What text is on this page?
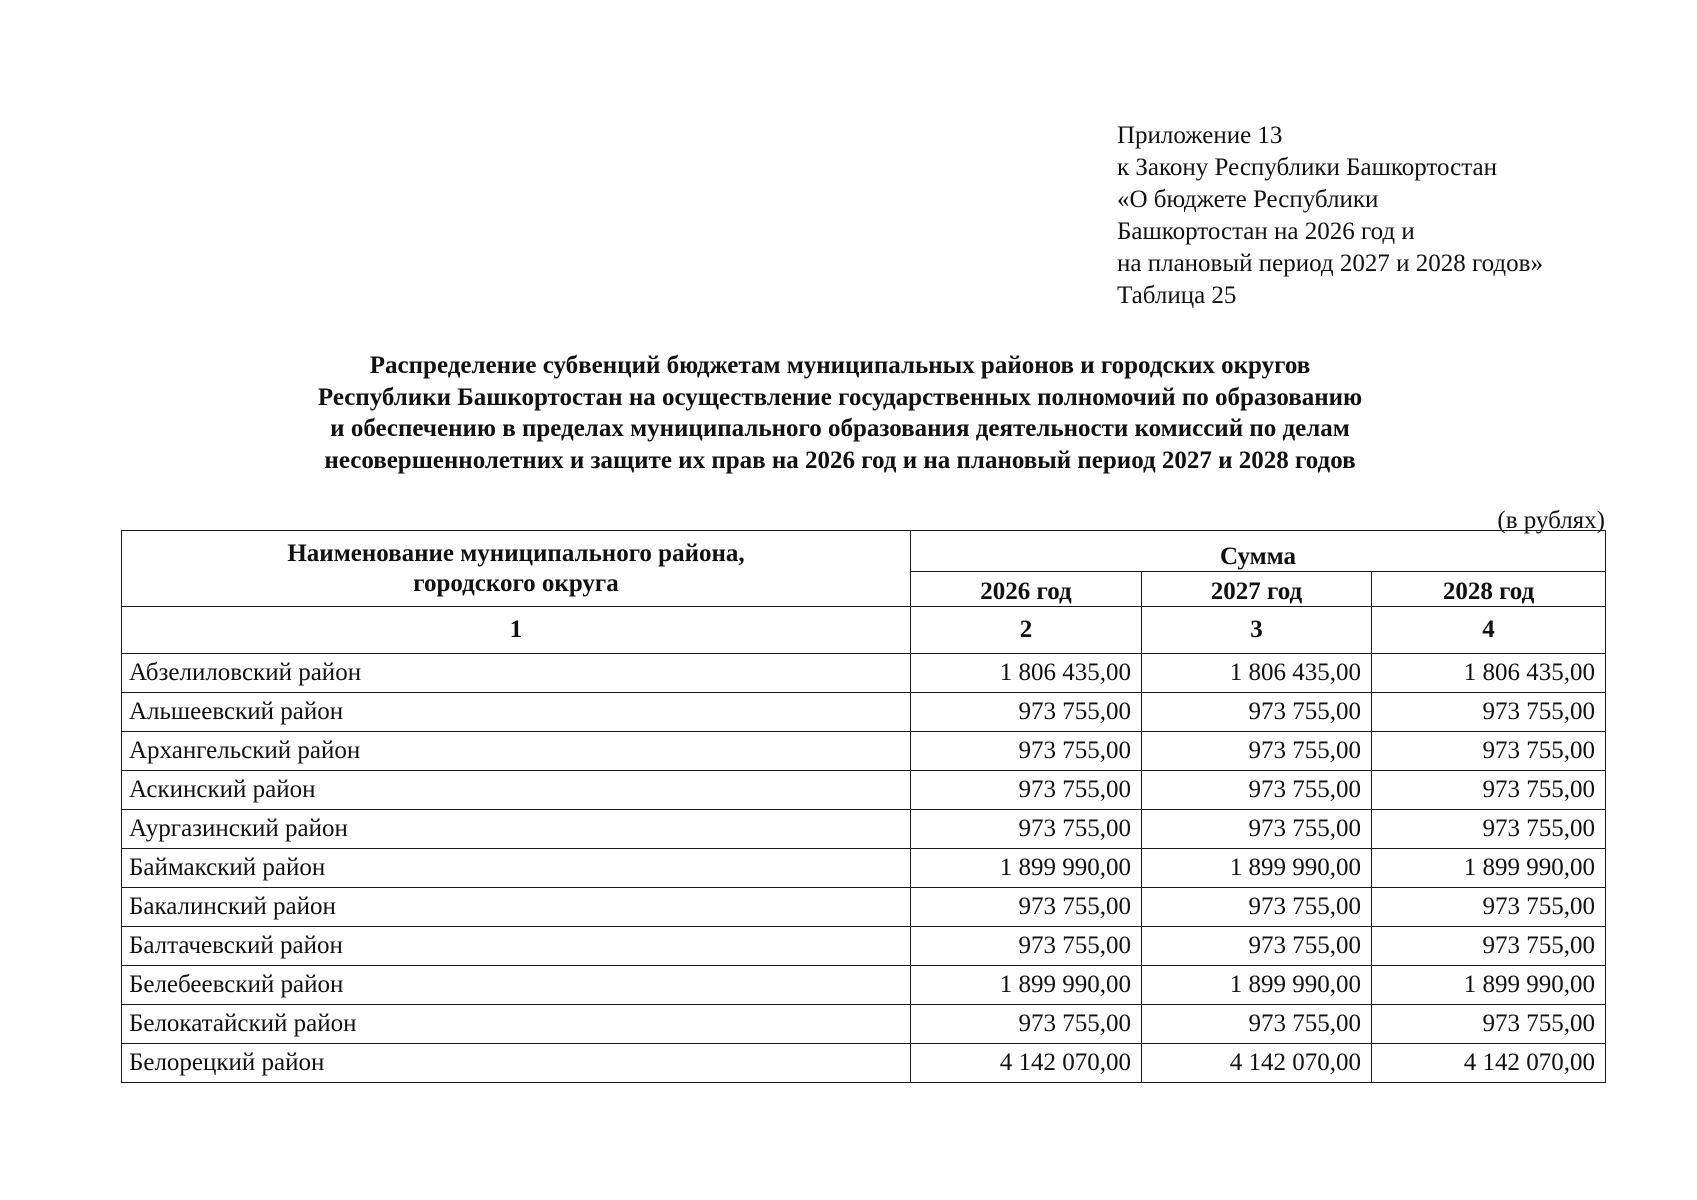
Приложение 13
к Закону Республики Башкортостан
«О бюджете Республики
Башкортостан на 2026 год и
на плановый период 2027 и 2028 годов»
Таблица 25
Распределение субвенций бюджетам муниципальных районов и городских округов
Республики Башкортостан на осуществление государственных полномочий по образованию
и обеспечению в пределах муниципального образования деятельности комиссий по делам
несовершеннолетних и защите их прав на 2026 год и на плановый период 2027 и 2028 годов
(в рублях)
Наименование муниципального района,
городского округа	Сумма		
	2026 год	2027 год	2028 год
1	2	3	4
Абзелиловский район	1 806 435,00	1 806 435,00	1 806 435,00
Альшеевский район	973 755,00	973 755,00	973 755,00
Архангельский район	973 755,00	973 755,00	973 755,00
Аскинский район	973 755,00	973 755,00	973 755,00
Аургазинский район	973 755,00	973 755,00	973 755,00
Баймакский район	1 899 990,00	1 899 990,00	1 899 990,00
Бакалинский район	973 755,00	973 755,00	973 755,00
Балтачевский район	973 755,00	973 755,00	973 755,00
Белебеевский район	1 899 990,00	1 899 990,00	1 899 990,00
Белокатайский район	973 755,00	973 755,00	973 755,00
Белорецкий район	4 142 070,00	4 142 070,00	4 142 070,00
